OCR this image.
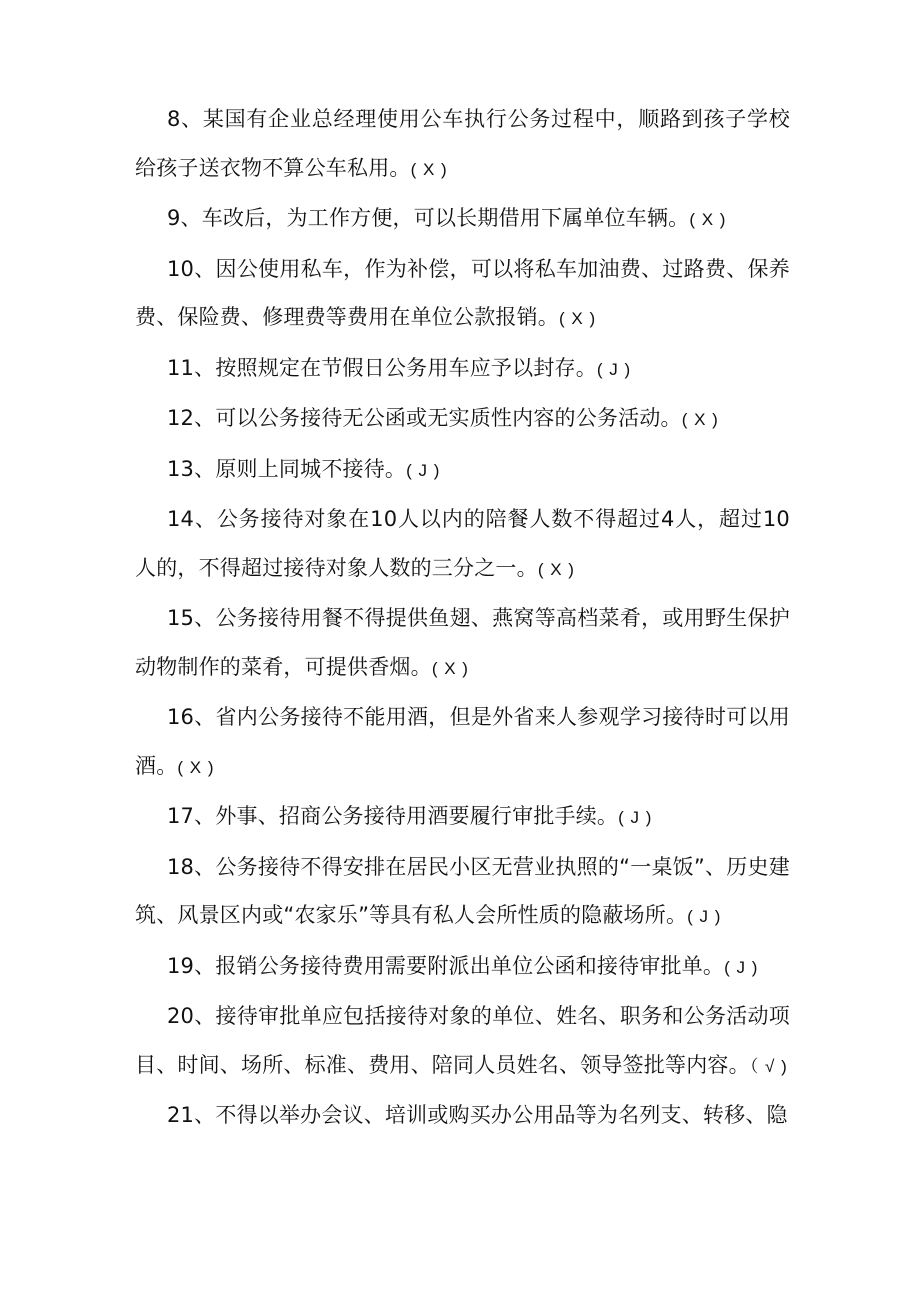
8、某国有企业总经理使用公车执行公务过程中，顺路到孩子学校给孩子送衣物不算公车私用。( X )

9、车改后，为工作方便，可以长期借用下属单位车辆。( X )

10、因公使用私车，作为补偿，可以将私车加油费、过路费、保养费、保险费、修理费等费用在单位公款报销。( X )

11、按照规定在节假日公务用车应予以封存。( J )

12、可以公务接待无公函或无实质性内容的公务活动。( X )

13、原则上同城不接待。( J )

14、公务接待对象在10人以内的陪餐人数不得超过4人，超过10人的，不得超过接待对象人数的三分之一。( X )

15、公务接待用餐不得提供鱼翅、燕窝等高档菜肴，或用野生保护动物制作的菜肴，可提供香烟。( X )

16、省内公务接待不能用酒，但是外省来人参观学习接待时可以用酒。( X )

17、外事、招商公务接待用酒要履行审批手续。( J )

18、公务接待不得安排在居民小区无营业执照的“一桌饭”、历史建筑、风景区内或“农家乐”等具有私人会所性质的隐蔽场所。( J )

19、报销公务接待费用需要附派出单位公函和接待审批单。( J )

20、接待审批单应包括接待对象的单位、姓名、职务和公务活动项目、时间、场所、标准、费用、陪同人员姓名、领导签批等内容。（ √ )

21、不得以举办会议、培训或购买办公用品等为名列支、转移、隐
